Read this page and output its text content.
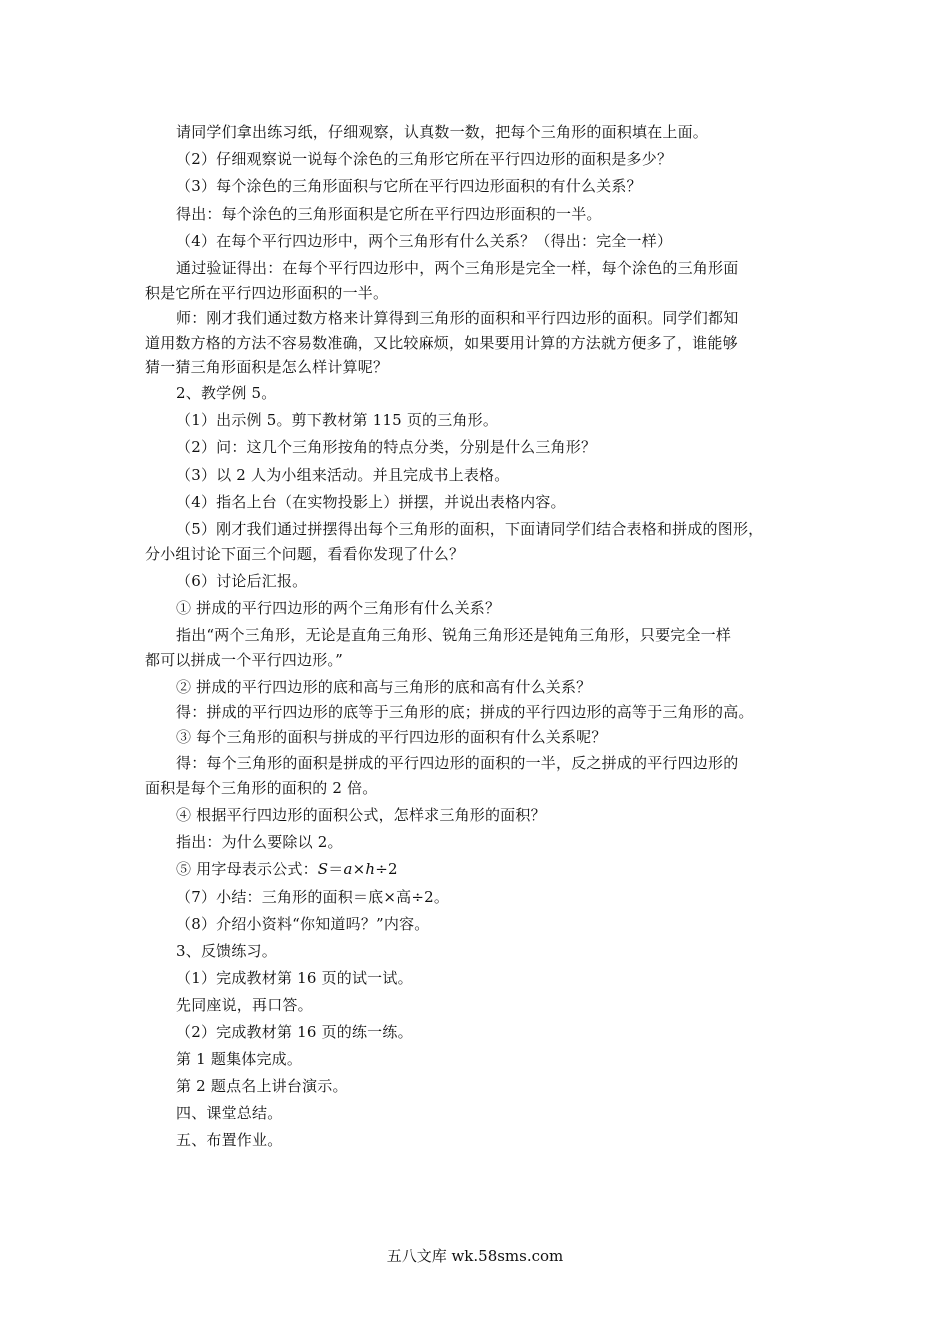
请同学们拿出练习纸，仔细观察，认真数一数，把每个三角形的面积填在上面。
（2）仔细观察说一说每个涂色的三角形它所在平行四边形的面积是多少？
（3）每个涂色的三角形面积与它所在平行四边形面积的有什么关系？
得出：每个涂色的三角形面积是它所在平行四边形面积的一半。
（4）在每个平行四边形中，两个三角形有什么关系？（得出：完全一样）
通过验证得出：在每个平行四边形中，两个三角形是完全一样，每个涂色的三角形面
积是它所在平行四边形面积的一半。
师：刚才我们通过数方格来计算得到三角形的面积和平行四边形的面积。同学们都知
道用数方格的方法不容易数准确，又比较麻烦，如果要用计算的方法就方便多了，谁能够
猜一猜三角形面积是怎么样计算呢？
2、教学例 5。
（1）出示例 5。剪下教材第 115 页的三角形。
（2）问：这几个三角形按角的特点分类，分别是什么三角形？
（3）以 2 人为小组来活动。并且完成书上表格。
（4）指名上台（在实物投影上）拼摆，并说出表格内容。
（5）刚才我们通过拼摆得出每个三角形的面积，下面请同学们结合表格和拼成的图形，
分小组讨论下面三个问题，看看你发现了什么？
（6）讨论后汇报。
① 拼成的平行四边形的两个三角形有什么关系？
指出“两个三角形，无论是直角三角形、锐角三角形还是钝角三角形，只要完全一样
都可以拼成一个平行四边形。”
② 拼成的平行四边形的底和高与三角形的底和高有什么关系？
得：拼成的平行四边形的底等于三角形的底；拼成的平行四边形的高等于三角形的高。
③ 每个三角形的面积与拼成的平行四边形的面积有什么关系呢？
得：每个三角形的面积是拼成的平行四边形的面积的一半，反之拼成的平行四边形的
面积是每个三角形的面积的 2 倍。
④ 根据平行四边形的面积公式，怎样求三角形的面积？
指出：为什么要除以 2。
⑤ 用字母表示公式：S＝a×h÷2
（7）小结：三角形的面积＝底×高÷2。
（8）介绍小资料“你知道吗？”内容。
3、反馈练习。
（1）完成教材第 16 页的试一试。
先同座说，再口答。
（2）完成教材第 16 页的练一练。
第 1 题集体完成。
第 2 题点名上讲台演示。
四、课堂总结。
五、布置作业。
五八文库 wk.58sms.com
